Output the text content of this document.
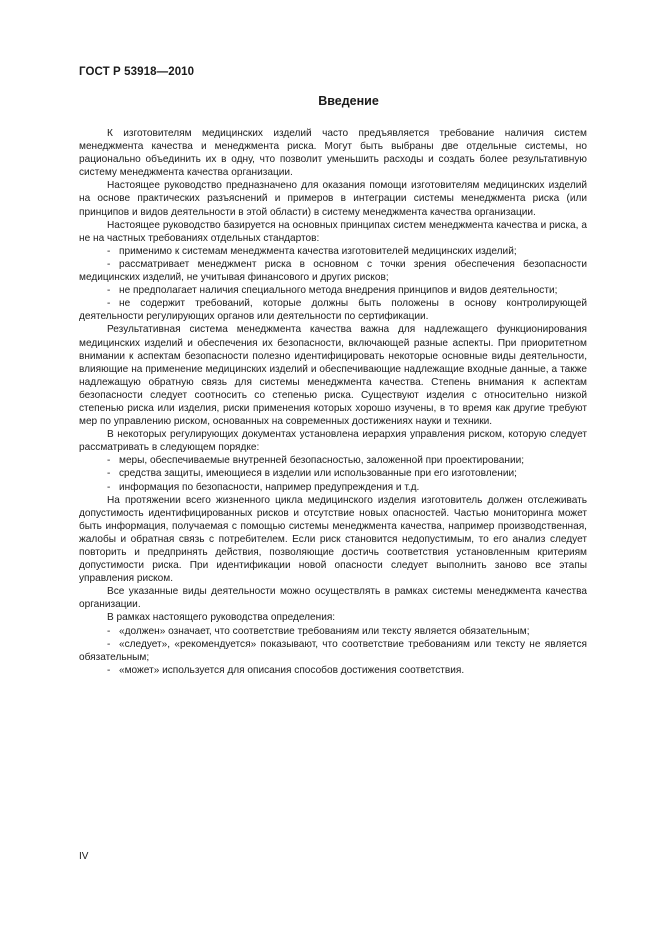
ГОСТ Р 53918—2010
Введение

К изготовителям медицинских изделий часто предъявляется требование наличия систем менеджмента качества и менеджмента риска. Могут быть выбраны две отдельные системы, но рационально объединить их в одну, что позволит уменьшить расходы и создать более результативную систему менеджмента качества организации.

Настоящее руководство предназначено для оказания помощи изготовителям медицинских изделий на основе практических разъяснений и примеров в интеграции системы менеджмента риска (или принципов и видов деятельности в этой области) в систему менеджмента качества организации.

Настоящее руководство базируется на основных принципах систем менеджмента качества и риска, а не на частных требованиях отдельных стандартов:

- применимо к системам менеджмента качества изготовителей медицинских изделий;

- рассматривает менеджмент риска в основном с точки зрения обеспечения безопасности медицинских изделий, не учитывая финансового и других рисков;

- не предполагает наличия специального метода внедрения принципов и видов деятельности;

- не содержит требований, которые должны быть положены в основу контролирующей деятельности регулирующих органов или деятельности по сертификации.

Результативная система менеджмента качества важна для надлежащего функционирования медицинских изделий и обеспечения их безопасности, включающей разные аспекты. При приоритетном внимании к аспектам безопасности полезно идентифицировать некоторые основные виды деятельности, влияющие на применение медицинских изделий и обеспечивающие надлежащие входные данные, а также надлежащую обратную связь для системы менеджмента качества. Степень внимания к аспектам безопасности следует соотносить со степенью риска. Существуют изделия с относительно низкой степенью риска или изделия, риски применения которых хорошо изучены, в то время как другие требуют мер по управлению риском, основанных на современных достижениях науки и техники.

В некоторых регулирующих документах установлена иерархия управления риском, которую следует рассматривать в следующем порядке:

- меры, обеспечиваемые внутренней безопасностью, заложенной при проектировании;

- средства защиты, имеющиеся в изделии или использованные при его изготовлении;

- информация по безопасности, например предупреждения и т.д.

На протяжении всего жизненного цикла медицинского изделия изготовитель должен отслеживать допустимость идентифицированных рисков и отсутствие новых опасностей. Частью мониторинга может быть информация, получаемая с помощью системы менеджмента качества, например производственная, жалобы и обратная связь с потребителем. Если риск становится недопустимым, то его анализ следует повторить и предпринять действия, позволяющие достичь соответствия установленным критериям допустимости риска. При идентификации новой опасности следует выполнить заново все этапы управления риском.

Все указанные виды деятельности можно осуществлять в рамках системы менеджмента качества организации.

В рамках настоящего руководства определения:

- «должен» означает, что соответствие требованиям или тексту является обязательным;

- «следует», «рекомендуется» показывают, что соответствие требованиям или тексту не является обязательным;

- «может» используется для описания способов достижения соответствия.

IV
